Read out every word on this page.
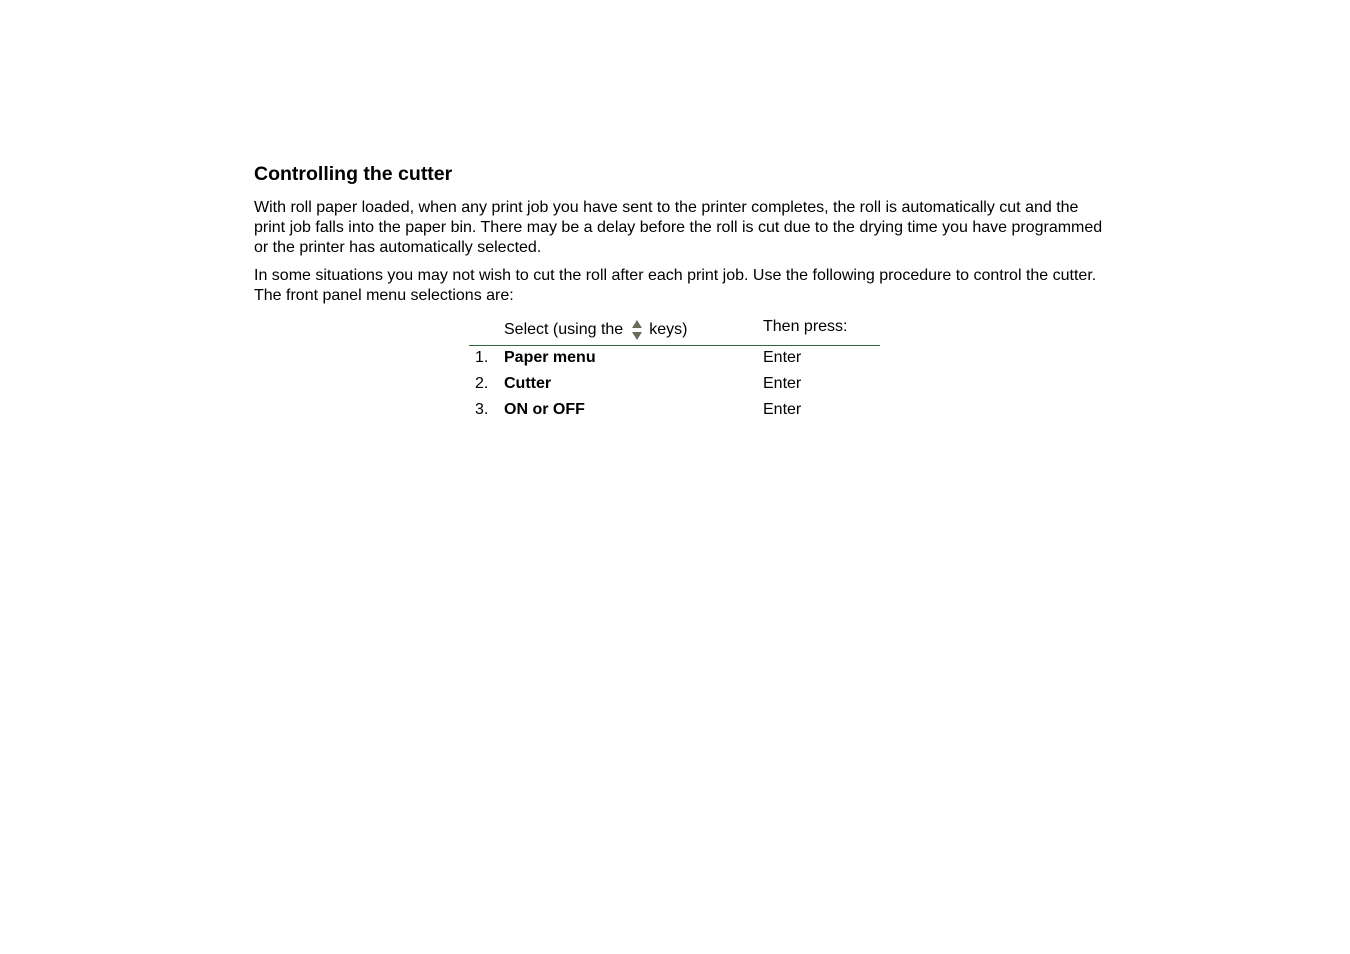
Controlling the cutter

With roll paper loaded, when any print job you have sent to the printer completes, the roll is automatically cut and the print job falls into the paper bin. There may be a delay before the roll is cut due to the drying time you have programmed or the printer has automatically selected.

In some situations you may not wish to cut the roll after each print job. Use the following procedure to control the cutter. The front panel menu selections are:

Select (using the keys)	Then press:
1. Paper menu	Enter
2. Cutter	Enter
3. ON or OFF	Enter
